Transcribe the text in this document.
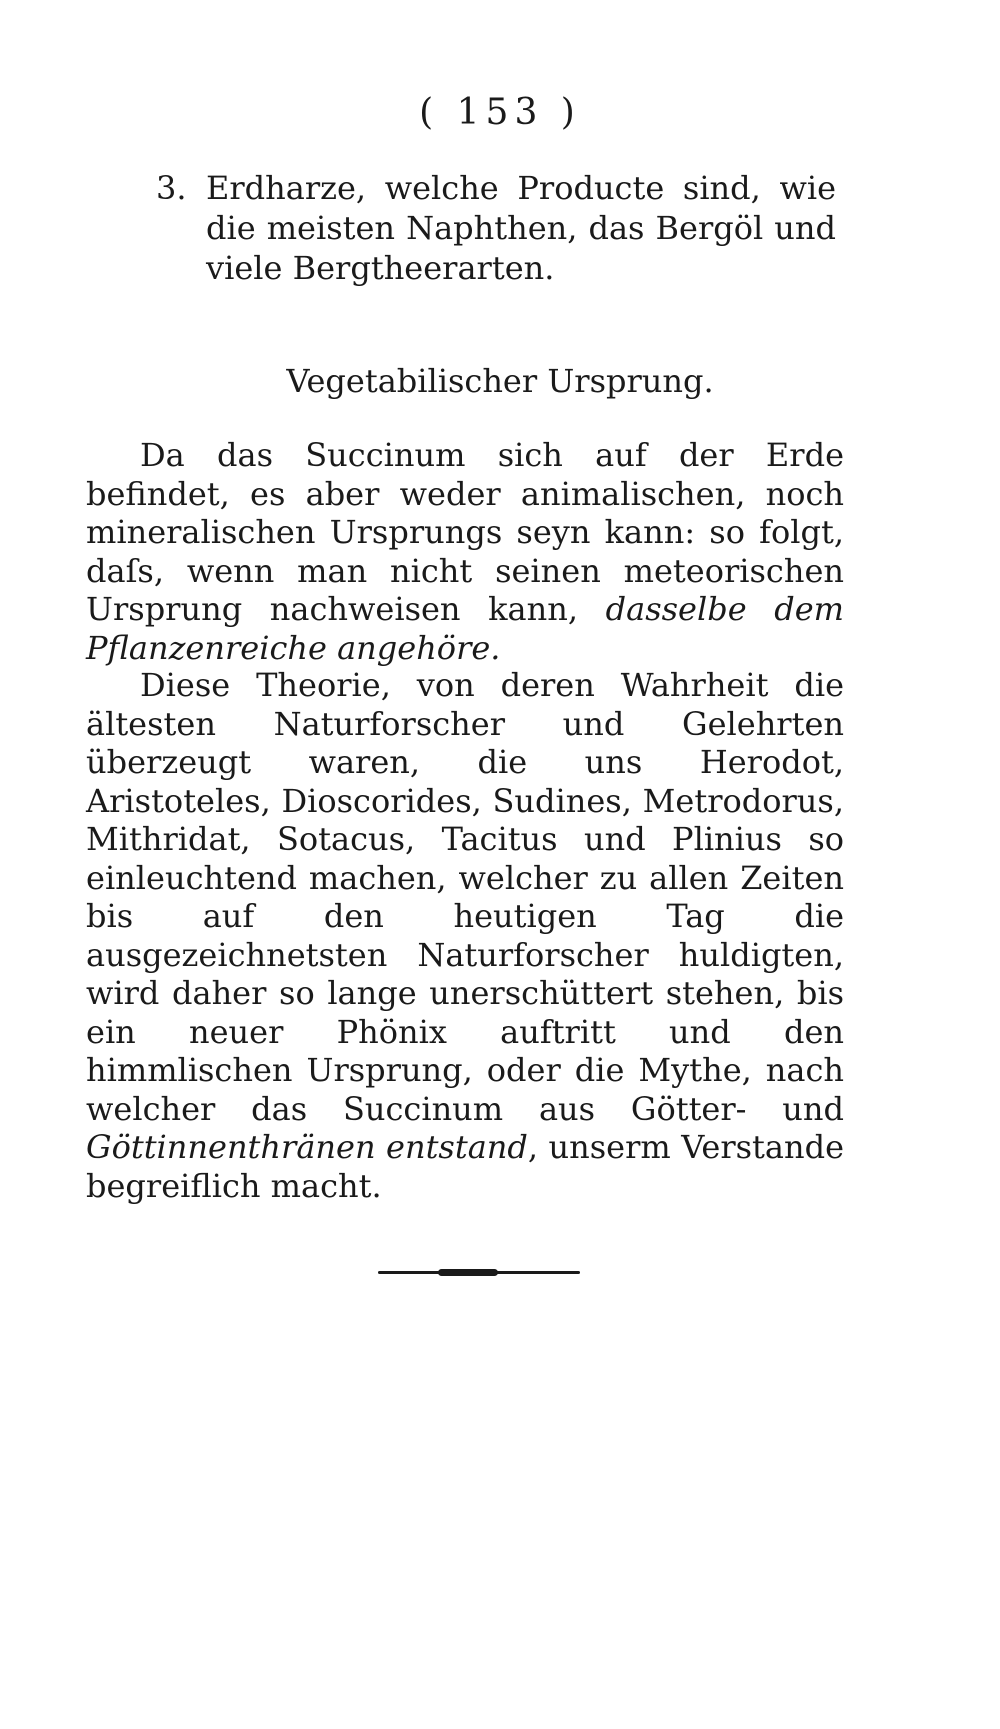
( 153 )
3. Erdharze, welche Producte sind, wie die meisten Naphthen, das Bergöl und viele Bergtheerarten.
Vegetabilischer Ursprung.

Da das Succinum sich auf der Erde befindet, es aber weder animalischen, noch mineralischen Ursprungs seyn kann: so folgt, daſs, wenn man nicht seinen meteorischen Ursprung nachweisen kann, dasselbe dem Pflanzenreiche angehöre.

Diese Theorie, von deren Wahrheit die ältesten Naturforscher und Gelehrten überzeugt waren, die uns Herodot, Aristoteles, Dioscorides, Sudines, Metrodorus, Mithridat, Sotacus, Tacitus und Plinius so einleuchtend machen, welcher zu allen Zeiten bis auf den heutigen Tag die ausgezeichnetsten Naturforscher huldigten, wird daher so lange unerschüttert stehen, bis ein neuer Phönix auftritt und den himmlischen Ursprung, oder die Mythe, nach welcher das Succinum aus Götter- und Göttinnenthränen entstand, unserm Verstande begreiflich macht.
